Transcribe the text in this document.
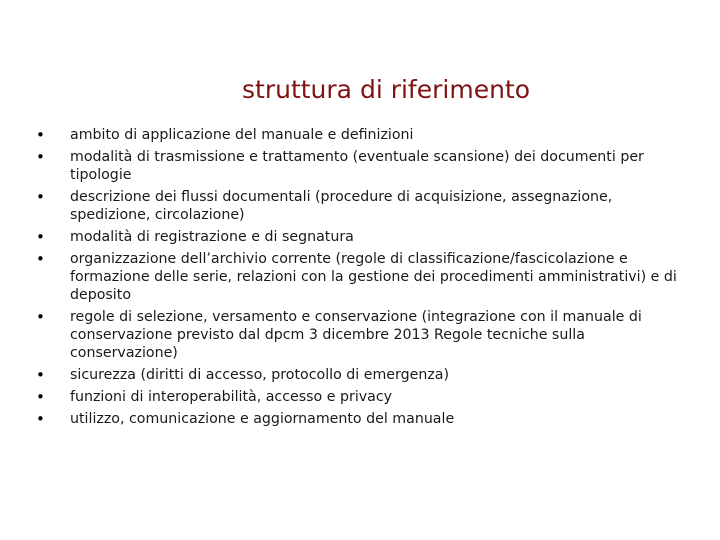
struttura di riferimento
•	ambito di applicazione del manuale e definizioni
•	modalità di trasmissione e trattamento (eventuale scansione) dei documenti per tipologie
•	descrizione dei flussi documentali (procedure di acquisizione, assegnazione, spedizione, circolazione)
•	modalità di registrazione e di segnatura
•	organizzazione dell’archivio corrente (regole di classificazione/fascicolazione e formazione delle serie, relazioni con la gestione dei procedimenti amministrativi) e di deposito
•	regole di selezione, versamento e conservazione (integrazione con il manuale di conservazione previsto dal dpcm 3 dicembre 2013 Regole tecniche sulla conservazione)
•	sicurezza (diritti di accesso, protocollo di emergenza)
•	funzioni di interoperabilità, accesso e privacy
•	utilizzo, comunicazione e aggiornamento del manuale
